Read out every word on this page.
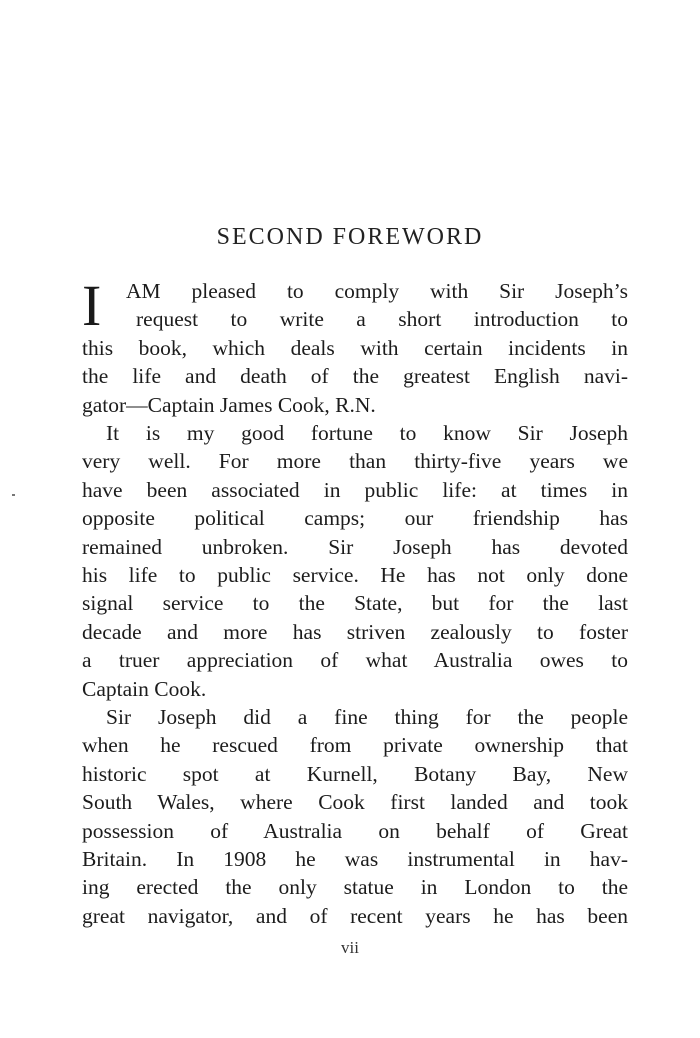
SECOND FOREWORD
I	AM pleased to comply with Sir Joseph’s
request to write a short introduction to
this book, which deals with certain incidents in
the life and death of the greatest English navi-
gator—Captain James Cook, R.N.
It is my good fortune to know Sir Joseph
very well. For more than thirty-five years we
have been associated in public life: at times in
opposite political camps; our friendship has
remained unbroken. Sir Joseph has devoted
his life to public service. He has not only done
signal service to the State, but for the last
decade and more has striven zealously to foster
a truer appreciation of what Australia owes to
Captain Cook.
Sir Joseph did a fine thing for the people
when he rescued from private ownership that
historic spot at Kurnell, Botany Bay, New
South Wales, where Cook first landed and took
possession of Australia on behalf of Great
Britain. In 1908 he was instrumental in hav-
ing erected the only statue in London to the
great navigator, and of recent years he has been
vii
